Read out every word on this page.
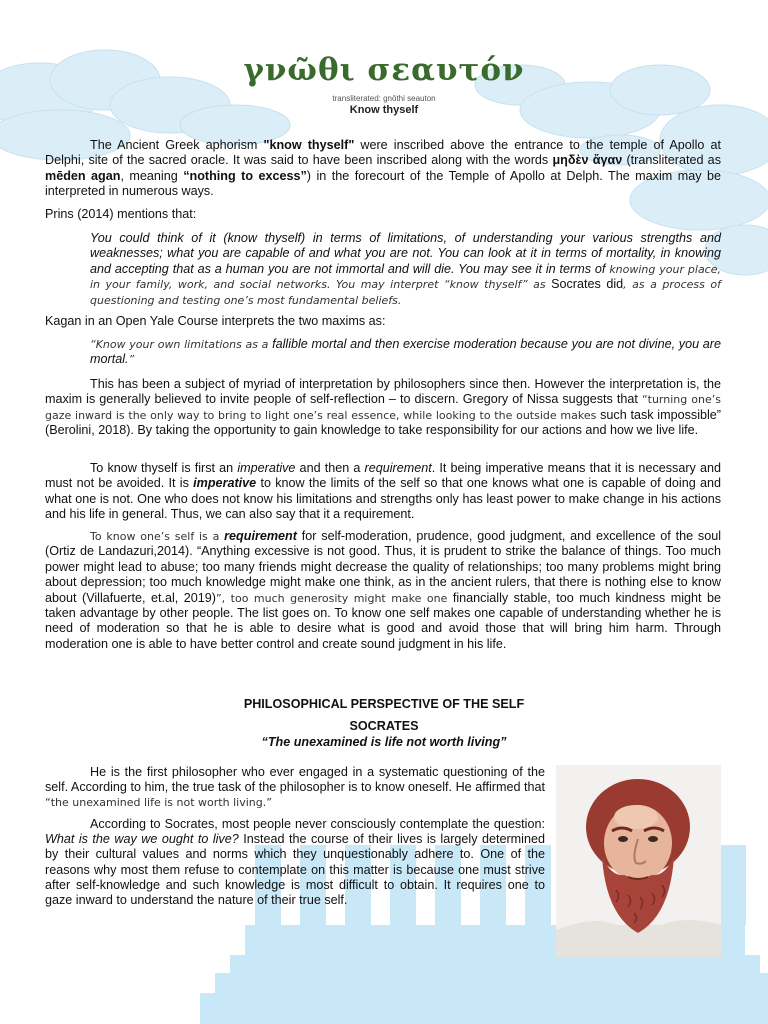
γνῶθι σεαυτόν
transliterated: gnōthi seauton
Know thyself

The Ancient Greek aphorism "know thyself" were inscribed above the entrance to the temple of Apollo at Delphi, site of the sacred oracle. It was said to have been inscribed along with the words μηδὲν ἄγαν (transliterated as mēden agan, meaning “nothing to excess”) in the forecourt of the Temple of Apollo at Delph. The maxim may be interpreted in numerous ways.

Prins (2014) mentions that:

You could think of it (know thyself) in terms of limitations, of understanding your various strengths and weaknesses; what you are capable of and what you are not. You can look at it in terms of mortality, in knowing and accepting that as a human you are not immortal and will die. You may see it in terms of knowing your place, in your family, work, and social networks. You may interpret “know thyself” as Socrates did, as a process of questioning and testing one’s most fundamental beliefs.

Kagan in an Open Yale Course interprets the two maxims as:

“Know your own limitations as a fallible mortal and then exercise moderation because you are not divine, you are mortal.”

This has been a subject of myriad of interpretation by philosophers since then. However the interpretation is, the maxim is generally believed to invite people of self-reflection – to discern. Gregory of Nissa suggests that “turning one’s gaze inward is the only way to bring to light one’s real essence, while looking to the outside makes such task impossible” (Berolini, 2018). By taking the opportunity to gain knowledge to take responsibility for our actions and how we live life.

To know thyself is first an imperative and then a requirement. It being imperative means that it is necessary and must not be avoided. It is imperative to know the limits of the self so that one knows what one is capable of doing and what one is not. One who does not know his limitations and strengths only has least power to make change in his actions and his life in general. Thus, we can also say that it a requirement.

To know one’s self is a requirement for self-moderation, prudence, good judgment, and excellence of the soul (Ortiz de Landazuri,2014). “Anything excessive is not good. Thus, it is prudent to strike the balance of things. Too much power might lead to abuse; too many friends might decrease the quality of relationships; too many problems might bring about depression; too much knowledge might make one think, as in the ancient rulers, that there is nothing else to know about (Villafuerte, et.al, 2019)”, too much generosity might make one financially stable, too much kindness might be taken advantage by other people. The list goes on. To know one self makes one capable of understanding whether he is need of moderation so that he is able to desire what is good and avoid those that will bring him harm. Through moderation one is able to have better control and create sound judgment in his life.

PHILOSOPHICAL PERSPECTIVE OF THE SELF
SOCRATES
“The unexamined is life not worth living”

He is the first philosopher who ever engaged in a systematic questioning of the self. According to him, the true task of the philosopher is to know oneself. He affirmed that “the unexamined life is not worth living.”

According to Socrates, most people never consciously contemplate the question: What is the way we ought to live? Instead the course of their lives is largely determined by their cultural values and norms which they unquestionably adhere to. One of the reasons why most them refuse to contemplate on this matter is because one must strive after self-knowledge and such knowledge is most difficult to obtain. It requires one to gaze inward to understand the nature of their true self.
